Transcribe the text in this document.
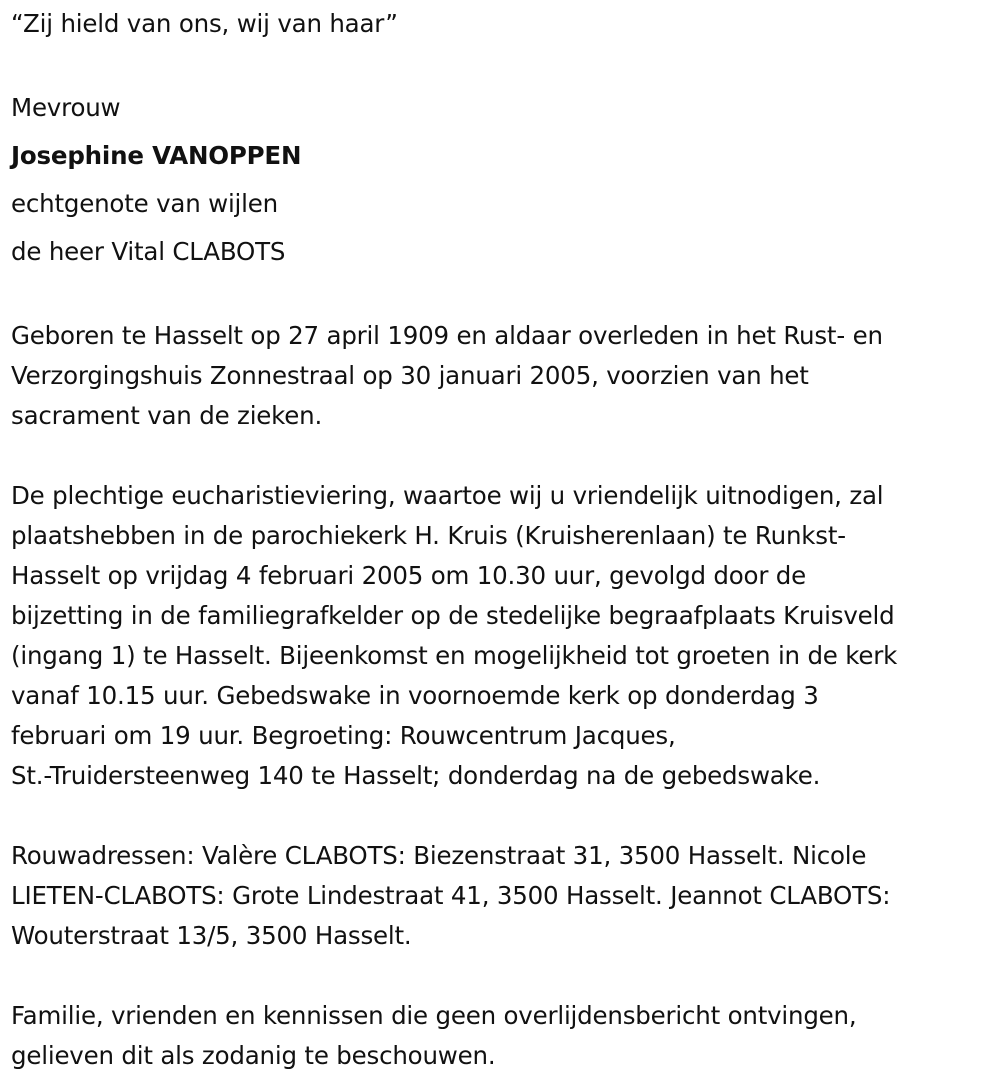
“Zij hield van ons, wij van haar”
Mevrouw
Josephine VANOPPEN
echtgenote van wijlen
de heer Vital CLABOTS
Geboren te Hasselt op 27 april 1909 en aldaar overleden in het Rust- en
Verzorgingshuis Zonnestraal op 30 januari 2005, voorzien van het
sacrament van de zieken.
De plechtige eucharistieviering, waartoe wij u vriendelijk uitnodigen, zal
plaatshebben in de parochiekerk H. Kruis (Kruisherenlaan) te Runkst-
Hasselt op vrijdag 4 februari 2005 om 10.30 uur, gevolgd door de
bijzetting in de familiegrafkelder op de stedelijke begraafplaats Kruisveld
(ingang 1) te Hasselt. Bijeenkomst en mogelijkheid tot groeten in de kerk
vanaf 10.15 uur. Gebedswake in voornoemde kerk op donderdag 3
februari om 19 uur. Begroeting: Rouwcentrum Jacques,
St.-Truidersteenweg 140 te Hasselt; donderdag na de gebedswake.
Rouwadressen: Valère CLABOTS: Biezenstraat 31, 3500 Hasselt. Nicole
LIETEN-CLABOTS: Grote Lindestraat 41, 3500 Hasselt. Jeannot CLABOTS:
Wouterstraat 13/5, 3500 Hasselt.
Familie, vrienden en kennissen die geen overlijdensbericht ontvingen,
gelieven dit als zodanig te beschouwen.
